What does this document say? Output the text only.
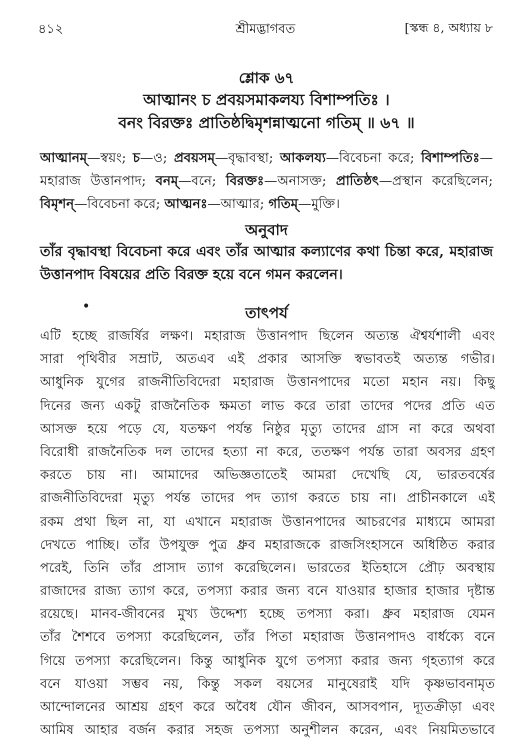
৪১২	শ্রীমদ্ভাগবত	[স্কন্ধ ৪, অধ্যায় ৮
শ্লোক ৬৭
আত্মানং চ প্রবয়সমাকলয্য বিশাম্পতিঃ ।
বনং বিরক্তঃ প্রাতিষ্ঠদ্বিমৃশন্নাত্মনো গতিম্ ॥ ৬৭ ॥
আত্মানম্—স্বয়ং; চ—ও; প্রবয়সম্—বৃদ্ধাবস্থা; আকলয্য—বিবেচনা করে; বিশাম্পতিঃ—মহারাজ উত্তানপাদ; বনম্—বনে; বিরক্তঃ—অনাসক্ত; প্রাতিষ্ঠৎ—প্রস্থান করেছিলেন; বিমৃশন্—বিবেচনা করে; আত্মনঃ—আত্মার; গতিম্—মুক্তি।
অনুবাদ
তাঁর বৃদ্ধাবস্থা বিবেচনা করে এবং তাঁর আত্মার কল্যাণের কথা চিন্তা করে, মহারাজ উত্তানপাদ বিষয়ের প্রতি বিরক্ত হয়ে বনে গমন করলেন।
•	তাৎপর্য
এটি হচ্ছে রাজর্ষির লক্ষণ। মহারাজ উত্তানপাদ ছিলেন অত্যন্ত ঐশ্বর্যশালী এবং
সারা পৃথিবীর সম্রাট, অতএব এই প্রকার আসক্তি স্বভাবতই অত্যন্ত গভীর।
আধুনিক যুগের রাজনীতিবিদেরা মহারাজ উত্তানপাদের মতো মহান নয়। কিছু
দিনের জন্য একটু রাজনৈতিক ক্ষমতা লাভ করে তারা তাদের পদের প্রতি এত
আসক্ত হয়ে পড়ে যে, যতক্ষণ পর্যন্ত নিষ্ঠুর মৃত্যু তাদের গ্রাস না করে অথবা
বিরোধী রাজনৈতিক দল তাদের হত্যা না করে, ততক্ষণ পর্যন্ত তারা অবসর গ্রহণ
করতে চায় না। আমাদের অভিজ্ঞতাতেই আমরা দেখেছি যে, ভারতবর্ষের
রাজনীতিবিদেরা মৃত্যু পর্যন্ত তাদের পদ ত্যাগ করতে চায় না। প্রাচীনকালে এই
রকম প্রথা ছিল না, যা এখানে মহারাজ উত্তানপাদের আচরণের মাধ্যমে আমরা
দেখতে পাচ্ছি। তাঁর উপযুক্ত পুত্র ধ্রুব মহারাজকে রাজসিংহাসনে অধিষ্ঠিত করার
পরেই, তিনি তাঁর প্রাসাদ ত্যাগ করেছিলেন। ভারতের ইতিহাসে প্রৌঢ় অবস্থায়
রাজাদের রাজ্য ত্যাগ করে, তপস্যা করার জন্য বনে যাওয়ার হাজার হাজার দৃষ্টান্ত
রয়েছে। মানব-জীবনের মুখ্য উদ্দেশ্য হচ্ছে তপস্যা করা। ধ্রুব মহারাজ যেমন
তাঁর শৈশবে তপস্যা করেছিলেন, তাঁর পিতা মহারাজ উত্তানপাদও বার্ধক্যে বনে
গিয়ে তপস্যা করেছিলেন। কিন্তু আধুনিক যুগে তপস্যা করার জন্য গৃহত্যাগ করে
বনে যাওয়া সম্ভব নয়, কিন্তু সকল বয়সের মানুষেরাই যদি কৃষ্ণভাবনামৃত
আন্দোলনের আশ্রয় গ্রহণ করে অবৈধ যৌন জীবন, আসবপান, দ্যূতক্রীড়া এবং
আমিষ আহার বর্জন করার সহজ তপস্যা অনুশীলন করেন, এবং নিয়মিতভাবে
